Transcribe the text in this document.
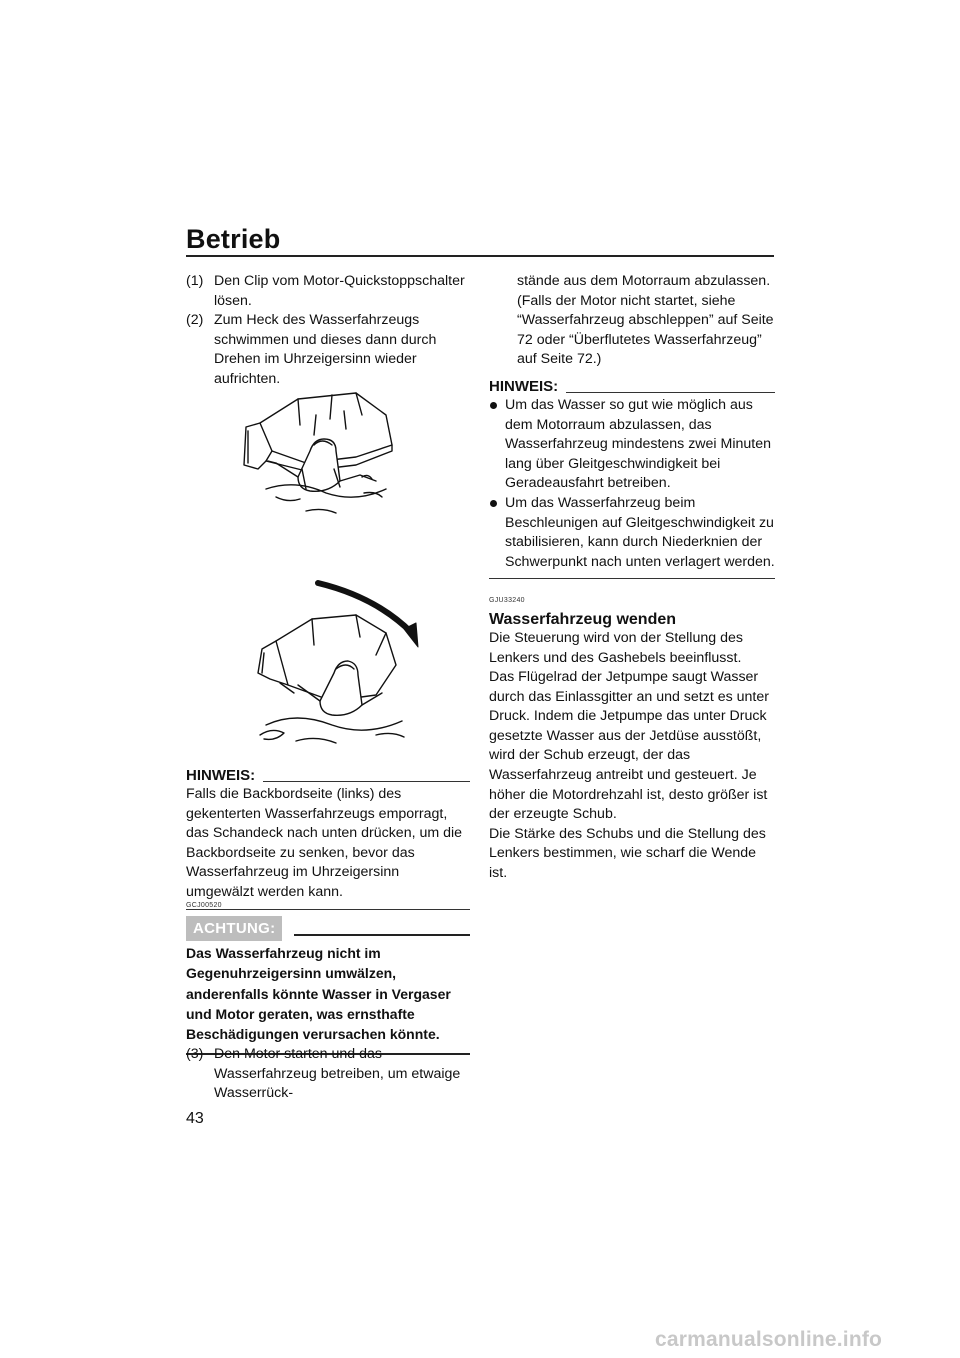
Betrieb
(1) Den Clip vom Motor-Quickstoppschalter lösen.
(2) Zum Heck des Wasserfahrzeugs schwimmen und dieses dann durch Drehen im Uhrzeigersinn wieder aufrichten.
HINWEIS:
Falls die Backbordseite (links) des gekenterten Wasserfahrzeugs emporragt, das Schandeck nach unten drücken, um die Backbordseite zu senken, bevor das Wasserfahrzeug im Uhrzeigersinn umgewälzt werden kann.
GCJ00520
ACHTUNG:
Das Wasserfahrzeug nicht im Gegenuhrzeigersinn umwälzen, anderenfalls könnte Wasser in Vergaser und Motor geraten, was ernsthafte Beschädigungen verursachen könnte.
(3) Den Motor starten und das Wasserfahrzeug betreiben, um etwaige Wasserrück-
stände aus dem Motorraum abzulassen. (Falls der Motor nicht startet, siehe “Wasserfahrzeug abschleppen” auf Seite 72 oder “Überflutetes Wasserfahrzeug” auf Seite 72.)
HINWEIS:
Um das Wasser so gut wie möglich aus dem Motorraum abzulassen, das Wasserfahrzeug mindestens zwei Minuten lang über Gleitgeschwindigkeit bei Geradeausfahrt betreiben.
Um das Wasserfahrzeug beim Beschleunigen auf Gleitgeschwindigkeit zu stabilisieren, kann durch Niederknien der Schwerpunkt nach unten verlagert werden.
GJU33240
Wasserfahrzeug wenden
Die Steuerung wird von der Stellung des Lenkers und des Gashebels beeinflusst.
Das Flügelrad der Jetpumpe saugt Wasser durch das Einlassgitter an und setzt es unter Druck. Indem die Jetpumpe das unter Druck gesetzte Wasser aus der Jetdüse ausstößt, wird der Schub erzeugt, der das Wasserfahrzeug antreibt und gesteuert. Je höher die Motordrehzahl ist, desto größer ist der erzeugte Schub.
Die Stärke des Schubs und die Stellung des Lenkers bestimmen, wie scharf die Wende ist.
43
carmanualsonline.info
